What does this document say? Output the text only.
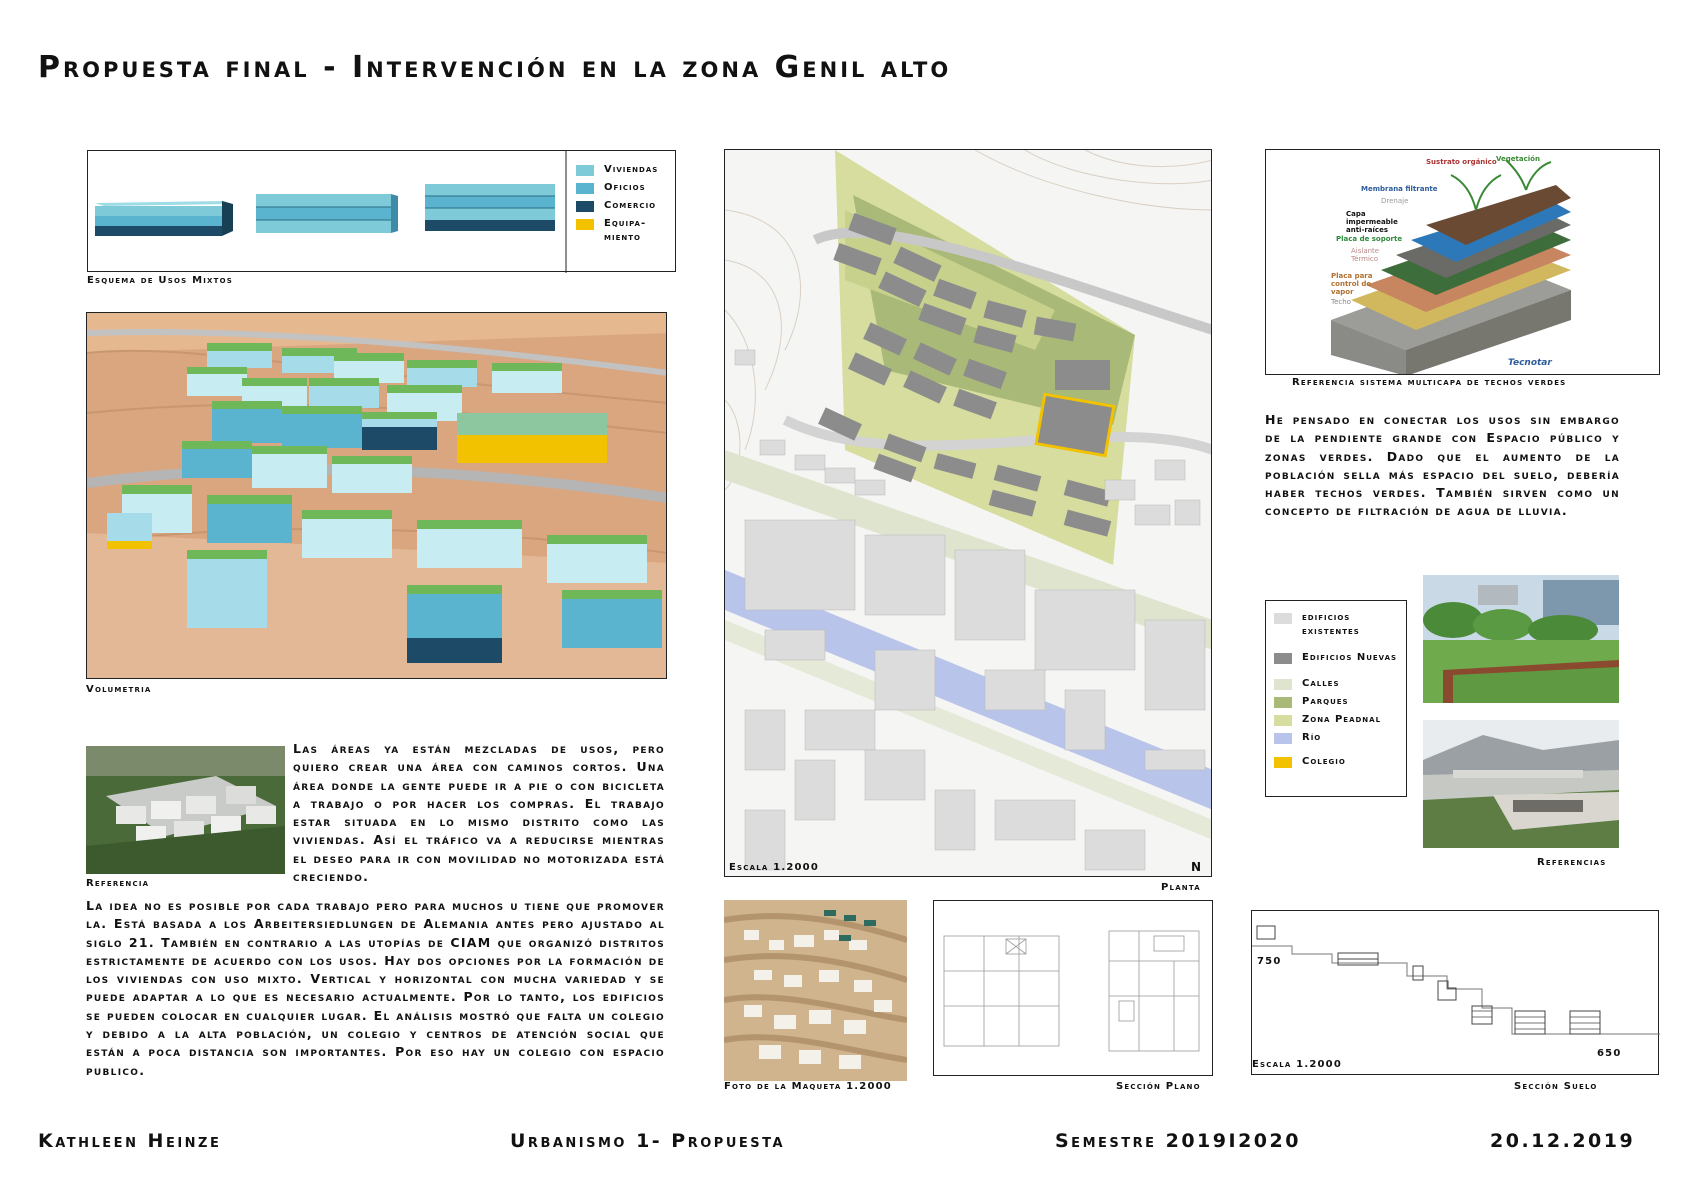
Propuesta final - Intervención en la zona Genil alto
Viviendas
Oficios
Comercio
Equipa- miento
Esquema de Usos Mixtos
Volumetria
Referencia
Las áreas ya están mezcladas de usos, pero quiero crear una área con caminos cortos. Una área donde la gente puede ir a pie o con bicicleta a trabajo o por hacer los compras. El trabajo estar situada en lo mismo distrito como las viviendas. Así el tráfico va a reducirse mientras el deseo para ir con movilidad no motorizada está creciendo.
La idea no es posible por cada trabajo pero para muchos u tiene que promover la. Está basada a los Arbeitersiedlungen de Alemania antes pero ajustado al siglo 21. También en contrario a las utopías de CIAM que organizó distritos estrictamente de acuerdo con los usos. Hay dos opciones por la formación de los viviendas con uso mixto. Vertical y horizontal con mucha variedad y se puede adaptar a lo que es necesario actualmente. Por lo tanto, los edificios se pueden colocar en cualquier lugar. El análisis mostró que falta un colegio y debido a la alta población, un colegio y centros de atención social que están a poca distancia son importantes. Por eso hay un colegio con espacio publico.
Escala 1.2000	N
Planta
Foto de la Maqueta 1.2000	Sección Plano
750
650
Escala 1.2000
Sección Suelo
Sustrato orgánico Vegetación
Membrana filtrante
Drenaje
Capa impermeable anti-raíces
Placa de soporte
Aislante Térmico
Placa para control de vapor
Techo
Tecnotar
Referencia sistema multicapa de techos verdes
He pensado en conectar los usos sin embargo de la pendiente grande con Espacio público y zonas verdes. Dado que el aumento de la población sella más espacio del suelo, debería haber techos verdes. También sirven como un concepto de filtración de agua de lluvia.
edificios existentes
Edificios Nuevas
Calles
Parques
Zona Peadnal
Río
Colegio
Referencias
Kathleen Heinze	Urbanismo 1- Propuesta	Semestre 2019I2020	20.12.2019
